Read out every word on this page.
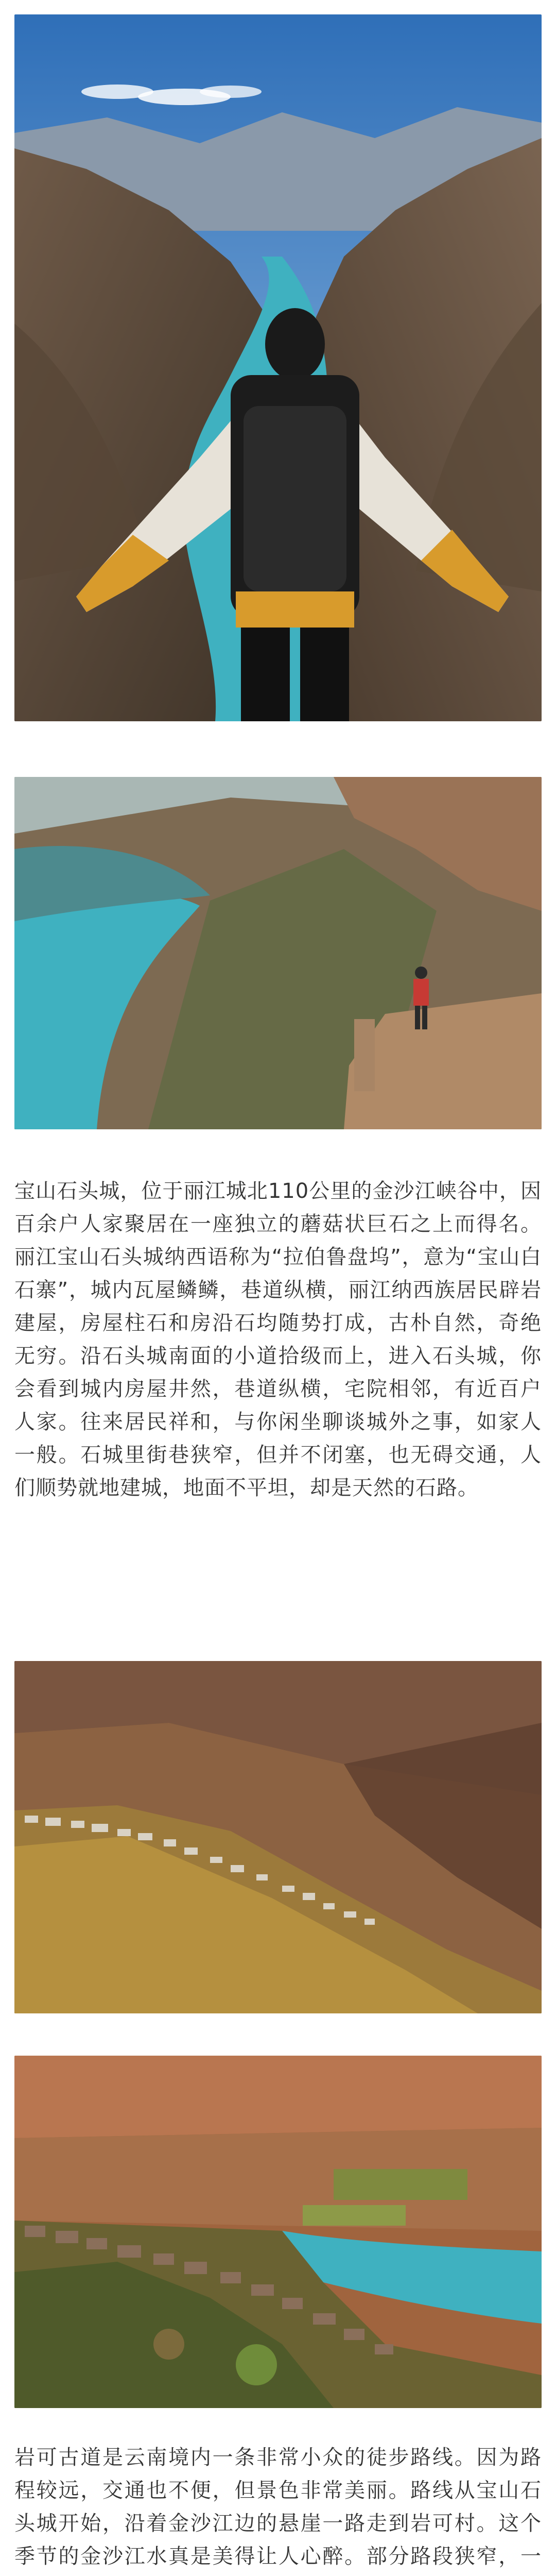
宝山石头城，位于丽江城北110公里的金沙江峡谷中，因百余户人家聚居在一座独立的蘑菇状巨石之上而得名。丽江宝山石头城纳西语称为“拉伯鲁盘坞”，意为“宝山白石寨”，城内瓦屋鳞鳞，巷道纵横，丽江纳西族居民辟岩建屋，房屋柱石和房沿石均随势打成，古朴自然，奇绝无穷。沿石头城南面的小道拾级而上，进入石头城，你会看到城内房屋井然，巷道纵横，宅院相邻，有近百户人家。往来居民祥和，与你闲坐聊谈城外之事，如家人一般。石城里街巷狭窄，但并不闭塞，也无碍交通，人们顺势就地建城，地面不平坦，却是天然的石路。

岩可古道是云南境内一条非常小众的徒步路线。因为路程较远，交通也不便，但景色非常美丽。路线从宝山石头城开始，沿着金沙江边的悬崖一路走到岩可村。这个季节的金沙江水真是美得让人心醉。部分路段狭窄，一
